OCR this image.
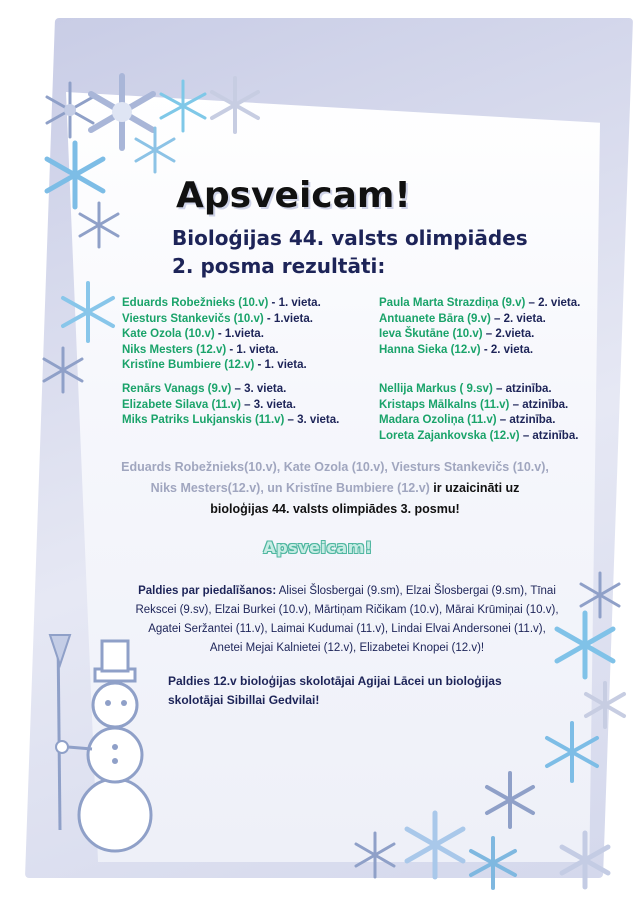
Apsveicam!
Bioloģijas 44. valsts olimpiādes
2. posma rezultāti:
Eduards Robežnieks (10.v) - 1. vieta.
Viesturs Stankevičs (10.v) - 1.vieta.
Kate Ozola (10.v) - 1.vieta.
Niks Mesters (12.v) - 1. vieta.
Kristīne Bumbiere (12.v) - 1. vieta.
Renārs Vanags (9.v) – 3. vieta.
Elizabete Silava (11.v) – 3. vieta.
Miks Patriks Lukjanskis (11.v) – 3. vieta.
Paula Marta Strazdiņa (9.v) – 2. vieta.
Antuanete Bāra (9.v) – 2. vieta.
Ieva Škutāne (10.v) – 2.vieta.
Hanna Sieka (12.v) - 2. vieta.
Nellija Markus ( 9.sv) – atzinība.
Kristaps Mālkalns (11.v) – atzinība.
Madara Ozoliņa (11.v) – atzinība.
Loreta Zajankovska (12.v) – atzinība.
Eduards Robežnieks(10.v), Kate Ozola (10.v), Viesturs Stankevičs (10.v),
Niks Mesters(12.v), un Kristīne Bumbiere (12.v) ir uzaicināti uz
bioloģijas 44. valsts olimpiādes 3. posmu!
Apsveicam!
Paldies par piedalīšanos: Alisei Šlosbergai (9.sm), Elzai Šlosbergai (9.sm), Tīnai Rekscei (9.sv), Elzai Burkei (10.v), Mārtiņam Ričikam (10.v), Mārai Krūmiņai (10.v), Agatei Seržantei (11.v), Laimai Kudumai (11.v), Lindai Elvai Andersonei (11.v), Anetei Mejai Kalnietei (12.v), Elizabetei Knopei (12.v)!
Paldies 12.v bioloģijas skolotājai Agijai Lācei un bioloģijas
skolotājai Sibillai Gedvilai!
